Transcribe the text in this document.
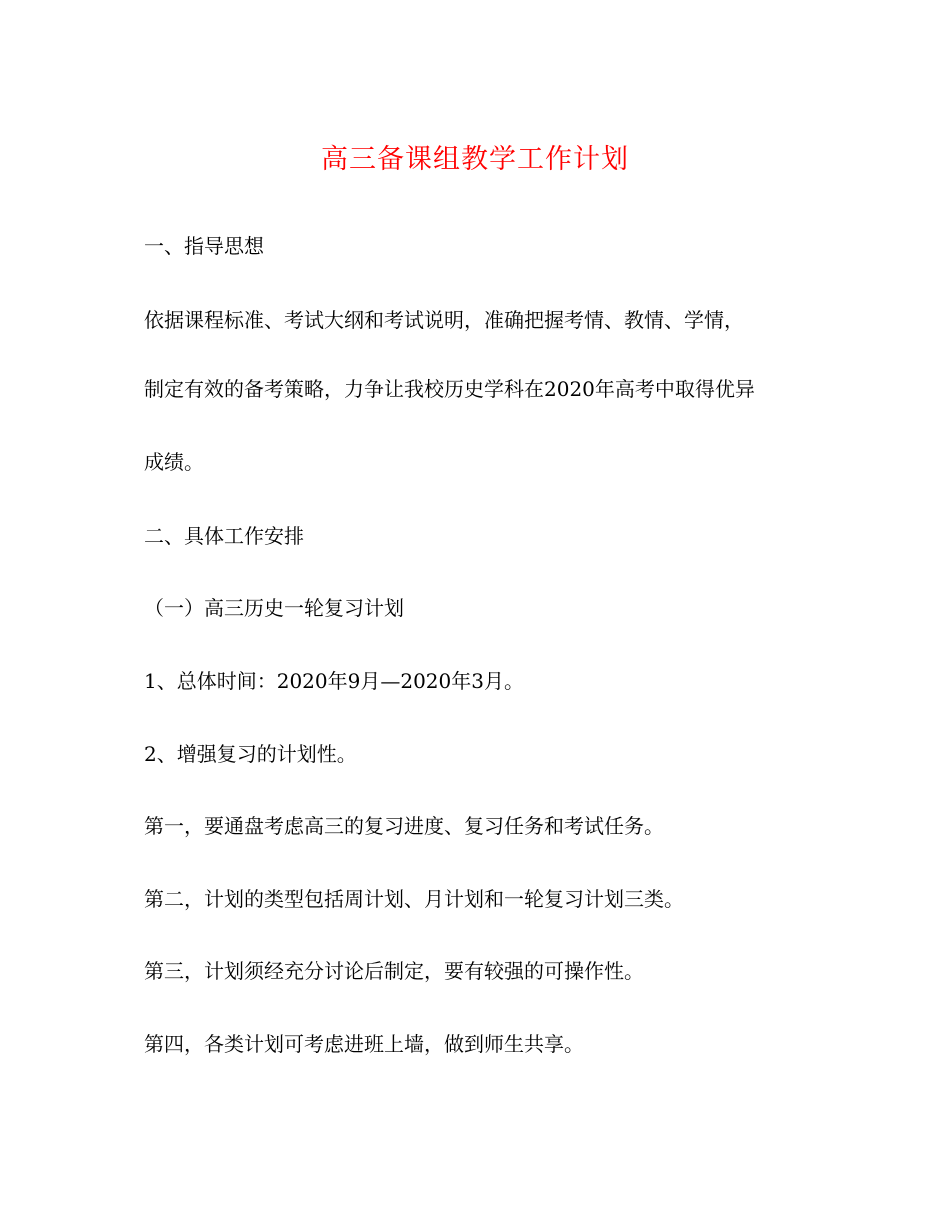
高三备课组教学工作计划
一、指导思想
依据课程标准、考试大纲和考试说明，准确把握考情、教情、学情，
制定有效的备考策略，力争让我校历史学科在2020年高考中取得优异
成绩。
二、具体工作安排
（一）高三历史一轮复习计划
1、总体时间：2020年9月—2020年3月。
2、增强复习的计划性。
第一，要通盘考虑高三的复习进度、复习任务和考试任务。
第二，计划的类型包括周计划、月计划和一轮复习计划三类。
第三，计划须经充分讨论后制定，要有较强的可操作性。
第四，各类计划可考虑进班上墙，做到师生共享。
